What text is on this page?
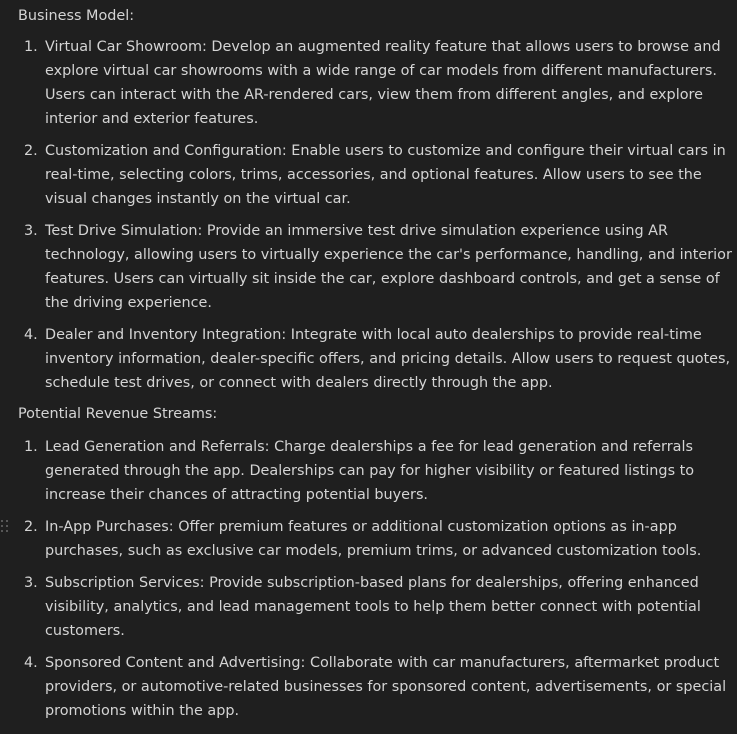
Business Model:
1. Virtual Car Showroom: Develop an augmented reality feature that allows users to browse and explore virtual car showrooms with a wide range of car models from different manufacturers. Users can interact with the AR-rendered cars, view them from different angles, and explore interior and exterior features.

2. Customization and Configuration: Enable users to customize and configure their virtual cars in real-time, selecting colors, trims, accessories, and optional features. Allow users to see the visual changes instantly on the virtual car.

3. Test Drive Simulation: Provide an immersive test drive simulation experience using AR technology, allowing users to virtually experience the car's performance, handling, and interior features. Users can virtually sit inside the car, explore dashboard controls, and get a sense of the driving experience.

4. Dealer and Inventory Integration: Integrate with local auto dealerships to provide real-time inventory information, dealer-specific offers, and pricing details. Allow users to request quotes, schedule test drives, or connect with dealers directly through the app.

Potential Revenue Streams:
1. Lead Generation and Referrals: Charge dealerships a fee for lead generation and referrals generated through the app. Dealerships can pay for higher visibility or featured listings to increase their chances of attracting potential buyers.

2. In-App Purchases: Offer premium features or additional customization options as in-app purchases, such as exclusive car models, premium trims, or advanced customization tools.

3. Subscription Services: Provide subscription-based plans for dealerships, offering enhanced visibility, analytics, and lead management tools to help them better connect with potential customers.

4. Sponsored Content and Advertising: Collaborate with car manufacturers, aftermarket product providers, or automotive-related businesses for sponsored content, advertisements, or special promotions within the app.
